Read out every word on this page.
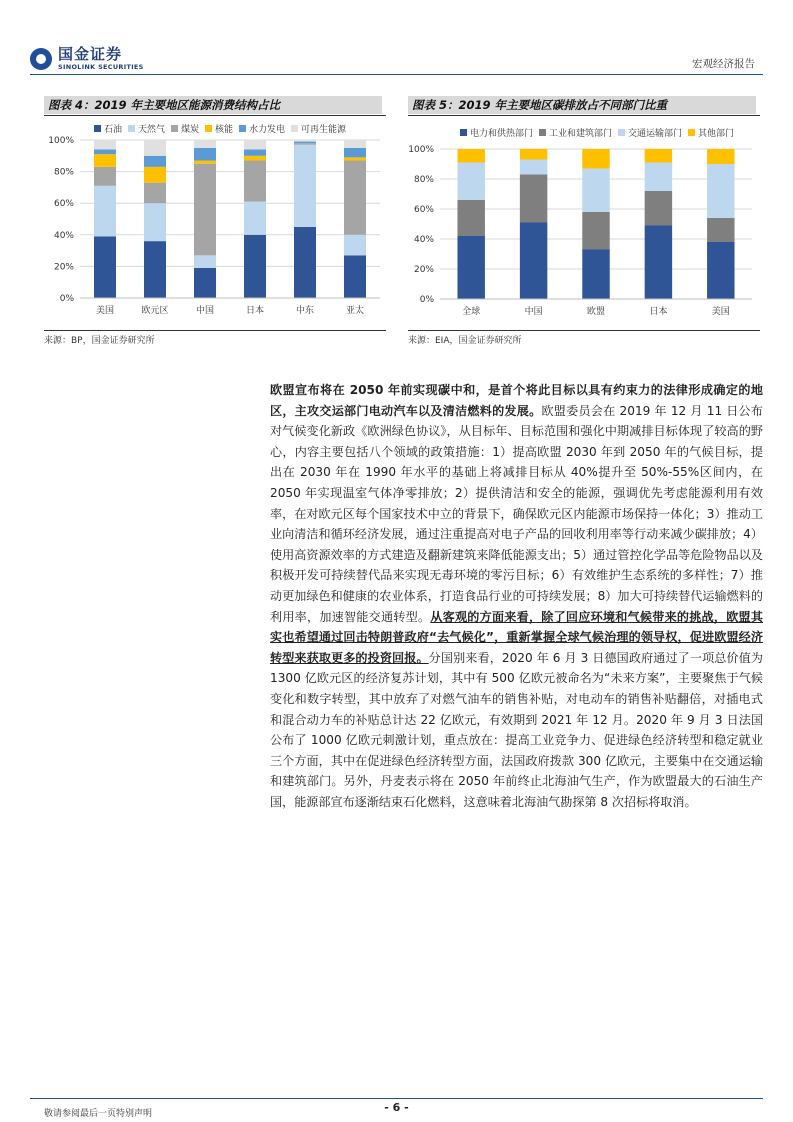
国金证券
SINOLINK SECURITIES	宏观经济报告
图表 4：2019 年主要地区能源消费结构占比
石油 天然气 煤炭 核能 水力发电 可再生能源
0%
20%
40%
60%
80%
100%
美国	欧元区	中国	日本	中东	亚太
来源：BP，国金证券研究所
图表 5：2019 年主要地区碳排放占不同部门比重
电力和供热部门 工业和建筑部门 交通运输部门 其他部门
0%
20%
40%
60%
80%
100%
全球	中国	欧盟	日本	美国
来源：EIA，国金证券研究所
欧盟宣布将在 2050 年前实现碳中和，是首个将此目标以具有约束力的法律形成确定的地区，主攻交运部门电动汽车以及清洁燃料的发展。欧盟委员会在 2019 年 12 月 11 日公布对气候变化新政《欧洲绿色协议》，从目标年、目标范围和强化中期减排目标体现了较高的野心，内容主要包括八个领域的政策措施：1）提高欧盟 2030 年到 2050 年的气候目标，提出在 2030 年在 1990 年水平的基础上将减排目标从 40%提升至 50%-55%区间内，在 2050 年实现温室气体净零排放；2）提供清洁和安全的能源，强调优先考虑能源利用有效率，在对欧元区每个国家技术中立的背景下，确保欧元区内能源市场保持一体化；3）推动工业向清洁和循环经济发展，通过注重提高对电子产品的回收利用率等行动来减少碳排放；4）使用高资源效率的方式建造及翻新建筑来降低能源支出；5）通过管控化学品等危险物品以及积极开发可持续替代品来实现无毒环境的零污目标；6）有效维护生态系统的多样性；7）推动更加绿色和健康的农业体系，打造食品行业的可持续发展；8）加大可持续替代运输燃料的利用率，加速智能交通转型。从客观的方面来看，除了回应环境和气候带来的挑战，欧盟其实也希望通过回击特朗普政府“去气候化”，重新掌握全球气候治理的领导权，促进欧盟经济转型来获取更多的投资回报。分国别来看，2020 年 6 月 3 日德国政府通过了一项总价值为 1300 亿欧元区的经济复苏计划，其中有 500 亿欧元被命名为“未来方案”，主要聚焦于气候变化和数字转型，其中放弃了对燃气油车的销售补贴，对电动车的销售补贴翻倍，对插电式和混合动力车的补贴总计达 22 亿欧元，有效期到 2021 年 12 月。2020 年 9 月 3 日法国公布了 1000 亿欧元刺激计划，重点放在：提高工业竞争力、促进绿色经济转型和稳定就业三个方面，其中在促进绿色经济转型方面，法国政府拨款 300 亿欧元，主要集中在交通运输和建筑部门。另外，丹麦表示将在 2050 年前终止北海油气生产，作为欧盟最大的石油生产国，能源部宣布逐渐结束石化燃料，这意味着北海油气勘探第 8 次招标将取消。
- 6 -
敬请参阅最后一页特别声明
